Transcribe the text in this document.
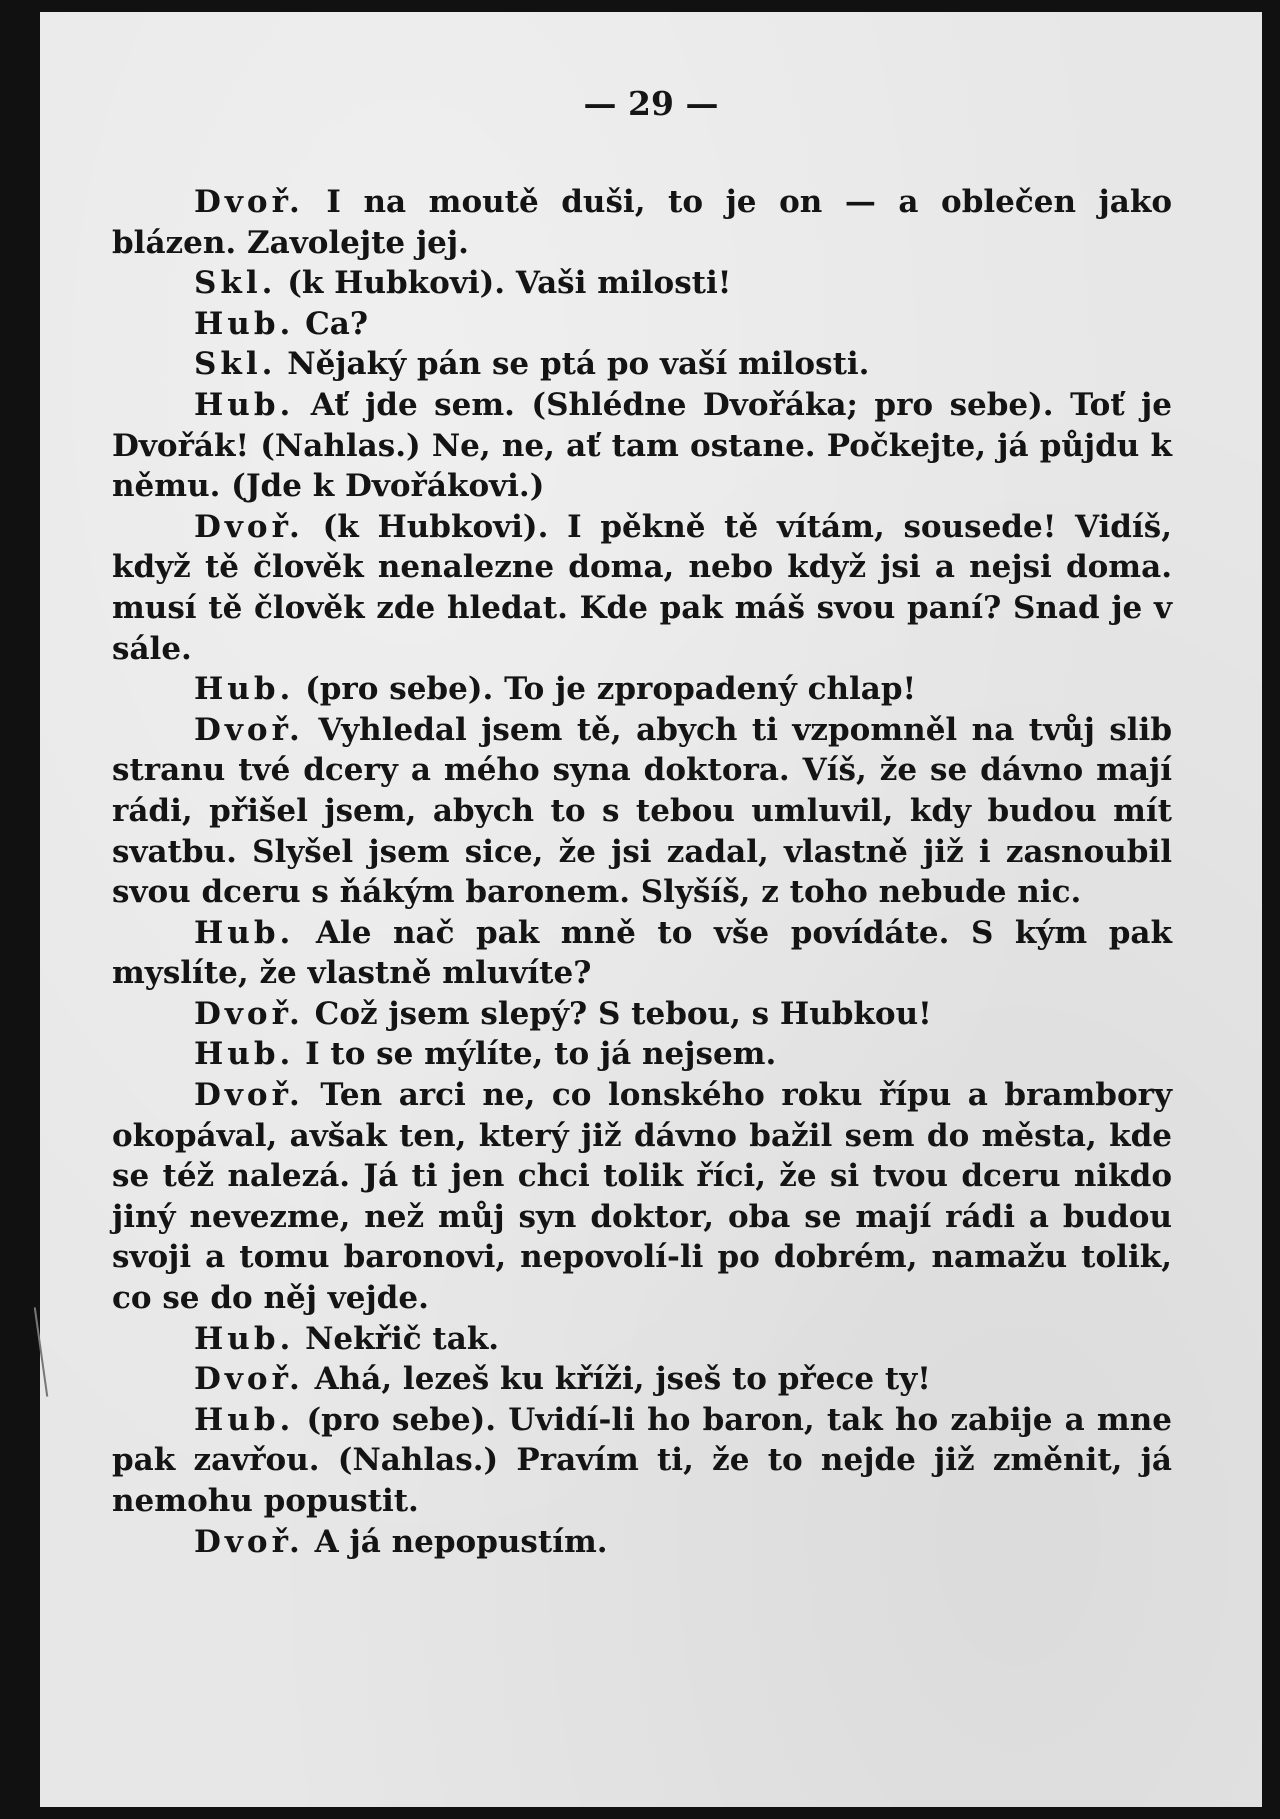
— 29 —

Dvoř. I na moutě duši, to je on — a oblečen jako blázen. Zavolejte jej.

Skl. (k Hubkovi). Vaši milosti!

Hub. Ca?

Skl. Nějaký pán se ptá po vaší milosti.

Hub. Ať jde sem. (Shlédne Dvořáka; pro sebe). Toť je Dvořák! (Nahlas.) Ne, ne, ať tam ostane. Počkejte, já půjdu k němu. (Jde k Dvořákovi.)

Dvoř. (k Hubkovi). I pěkně tě vítám, sousede! Vidíš, když tě člověk nenalezne doma, nebo když jsi a nejsi doma. musí tě člověk zde hledat. Kde pak máš svou paní? Snad je v sále.

Hub. (pro sebe). To je zpropadený chlap!

Dvoř. Vyhledal jsem tě, abych ti vzpomněl na tvůj slib stranu tvé dcery a mého syna doktora. Víš, že se dávno mají rádi, přišel jsem, abych to s tebou umluvil, kdy budou mít svatbu. Slyšel jsem sice, že jsi zadal, vlastně již i zasnoubil svou dceru s ňákým baronem. Slyšíš, z toho nebude nic.

Hub. Ale nač pak mně to vše povídáte. S kým pak myslíte, že vlastně mluvíte?

Dvoř. Což jsem slepý? S tebou, s Hubkou!

Hub. I to se mýlíte, to já nejsem.

Dvoř. Ten arci ne, co lonského roku řípu a brambory okopával, avšak ten, který již dávno bažil sem do města, kde se též nalezá. Já ti jen chci tolik říci, že si tvou dceru nikdo jiný nevezme, než můj syn doktor, oba se mají rádi a budou svoji a tomu baronovi, nepovolí-li po dobrém, namažu tolik, co se do něj vejde.

Hub. Nekřič tak.

Dvoř. Ahá, lezeš ku kříži, jseš to přece ty!

Hub. (pro sebe). Uvidí-li ho baron, tak ho zabije a mne pak zavřou. (Nahlas.) Pravím ti, že to nejde již změnit, já nemohu popustit.

Dvoř. A já nepopustím.
